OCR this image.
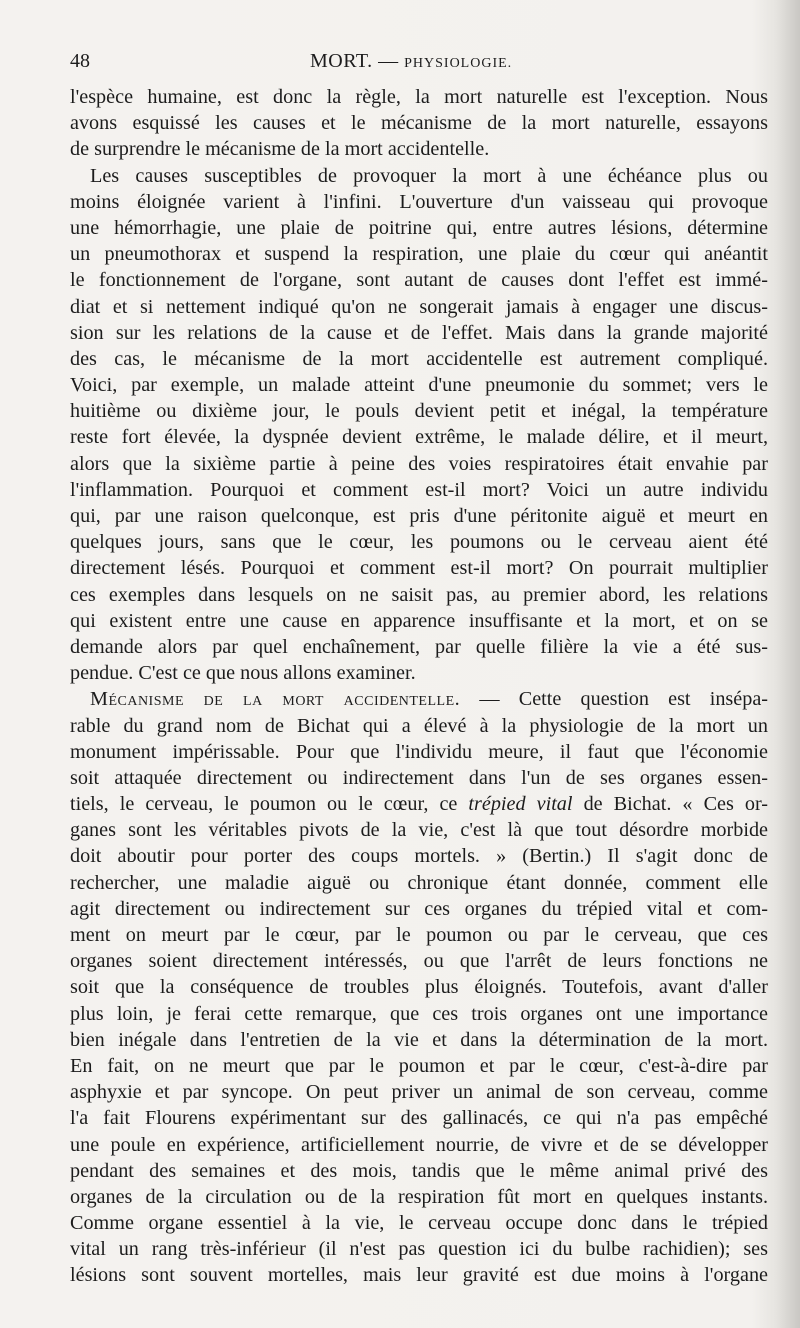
48	MORT. — PHYSIOLOGIE.
l'espèce humaine, est donc la règle, la mort naturelle est l'exception. Nous
avons esquissé les causes et le mécanisme de la mort naturelle, essayons
de surprendre le mécanisme de la mort accidentelle.
Les causes susceptibles de provoquer la mort à une échéance plus ou
moins éloignée varient à l'infini. L'ouverture d'un vaisseau qui provoque
une hémorrhagie, une plaie de poitrine qui, entre autres lésions, détermine
un pneumothorax et suspend la respiration, une plaie du cœur qui anéantit
le fonctionnement de l'organe, sont autant de causes dont l'effet est immé-
diat et si nettement indiqué qu'on ne songerait jamais à engager une discus-
sion sur les relations de la cause et de l'effet. Mais dans la grande majorité
des cas, le mécanisme de la mort accidentelle est autrement compliqué.
Voici, par exemple, un malade atteint d'une pneumonie du sommet; vers le
huitième ou dixième jour, le pouls devient petit et inégal, la température
reste fort élevée, la dyspnée devient extrême, le malade délire, et il meurt,
alors que la sixième partie à peine des voies respiratoires était envahie par
l'inflammation. Pourquoi et comment est-il mort? Voici un autre individu
qui, par une raison quelconque, est pris d'une péritonite aiguë et meurt en
quelques jours, sans que le cœur, les poumons ou le cerveau aient été
directement lésés. Pourquoi et comment est-il mort? On pourrait multiplier
ces exemples dans lesquels on ne saisit pas, au premier abord, les relations
qui existent entre une cause en apparence insuffisante et la mort, et on se
demande alors par quel enchaînement, par quelle filière la vie a été sus-
pendue. C'est ce que nous allons examiner.
Mécanisme de la mort accidentelle. — Cette question est insépa-
rable du grand nom de Bichat qui a élevé à la physiologie de la mort un
monument impérissable. Pour que l'individu meure, il faut que l'économie
soit attaquée directement ou indirectement dans l'un de ses organes essen-
tiels, le cerveau, le poumon ou le cœur, ce trépied vital de Bichat. « Ces or-
ganes sont les véritables pivots de la vie, c'est là que tout désordre morbide
doit aboutir pour porter des coups mortels. » (Bertin.) Il s'agit donc de
rechercher, une maladie aiguë ou chronique étant donnée, comment elle
agit directement ou indirectement sur ces organes du trépied vital et com-
ment on meurt par le cœur, par le poumon ou par le cerveau, que ces
organes soient directement intéressés, ou que l'arrêt de leurs fonctions ne
soit que la conséquence de troubles plus éloignés. Toutefois, avant d'aller
plus loin, je ferai cette remarque, que ces trois organes ont une importance
bien inégale dans l'entretien de la vie et dans la détermination de la mort.
En fait, on ne meurt que par le poumon et par le cœur, c'est-à-dire par
asphyxie et par syncope. On peut priver un animal de son cerveau, comme
l'a fait Flourens expérimentant sur des gallinacés, ce qui n'a pas empêché
une poule en expérience, artificiellement nourrie, de vivre et de se développer
pendant des semaines et des mois, tandis que le même animal privé des
organes de la circulation ou de la respiration fût mort en quelques instants.
Comme organe essentiel à la vie, le cerveau occupe donc dans le trépied
vital un rang très-inférieur (il n'est pas question ici du bulbe rachidien); ses
lésions sont souvent mortelles, mais leur gravité est due moins à l'organe
